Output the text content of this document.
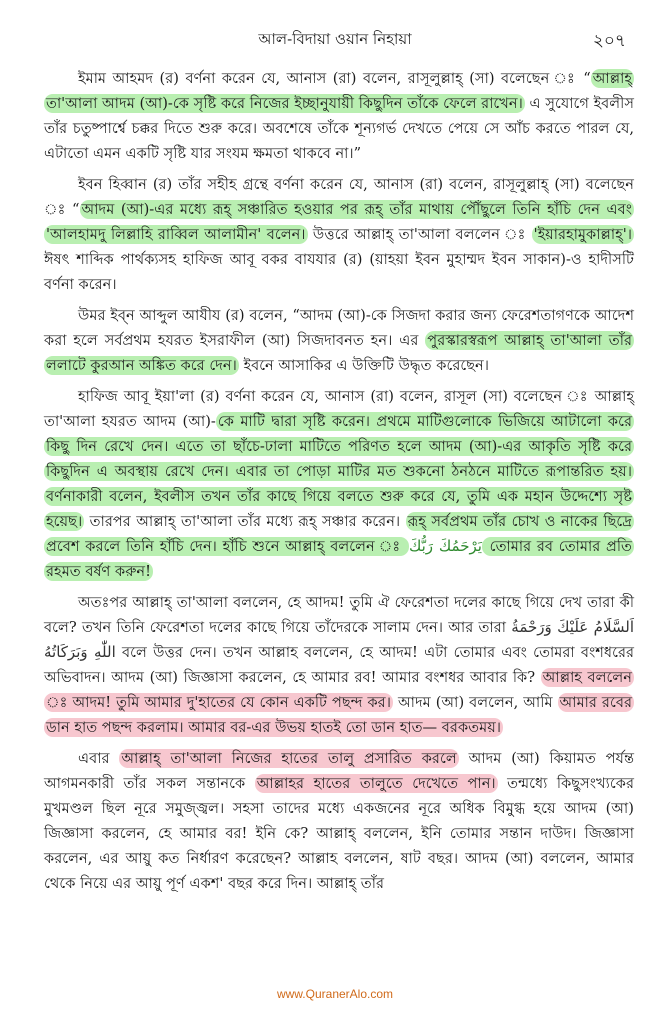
আল-বিদায়া ওয়ান নিহায়া	২০৭

ইমাম আহমদ (র) বর্ণনা করেন যে, আনাস (রা) বলেন, রাসূলুল্লাহ্ (সা) বলেছেন ঃ “ আল্লাহ্ তা'আলা আদম (আ)-কে সৃষ্টি করে নিজের ইচ্ছানুযায়ী কিছুদিন তাঁকে ফেলে রাখেন। এ সুযোগে ইবলীস তাঁর চতুষ্পার্শ্বে চক্কর দিতে শুরু করে। অবশেষে তাঁকে শূন্যগর্ভ দেখতে পেয়ে সে আঁচ করতে পারল যে, এটাতো এমন একটি সৃষ্টি যার সংযম ক্ষমতা থাকবে না।”

ইবন হিব্বান (র) তাঁর সহীহ গ্রন্থে বর্ণনা করেন যে, আনাস (রা) বলেন, রাসূলুল্লাহ্ (সা) বলেছেন ঃ “ আদম (আ)-এর মধ্যে রূহ্ সঞ্চারিত হওয়ার পর রূহ্ তাঁর মাথায় পৌঁছুলে তিনি হাঁচি দেন এবং 'আলহামদু লিল্লাহি রাব্বিল আলামীন' বলেন। উত্তরে আল্লাহ্ তা'আলা বললেন ঃ 'ইয়ারহামুকাল্লাহ্'। ঈষৎ শাব্দিক পার্থক্যসহ হাফিজ আবূ বকর বাযযার (র) (য়াহয়া ইবন মুহাম্মদ ইবন সাকান)-ও হাদীসটি বর্ণনা করেন।

উমর ইব্‌ন আব্দুল আযীয (র) বলেন, “আদম (আ)-কে সিজদা করার জন্য ফেরেশতাগণকে আদেশ করা হলে সর্বপ্রথম হযরত ইসরাফীল (আ) সিজদাবনত হন। এর পুরস্কারস্বরূপ আল্লাহ্ তা'আলা তাঁর ললাটে কুরআন অঙ্কিত করে দেন। ইবনে আসাকির এ উক্তিটি উদ্ধৃত করেছেন।

হাফিজ আবূ ইয়া'লা (র) বর্ণনা করেন যে, আনাস (রা) বলেন, রাসূল (সা) বলেছেন ঃ আল্লাহ্ তা'আলা হযরত আদম (আ)- কে মাটি দ্বারা সৃষ্টি করেন। প্রথমে মাটিগুলোকে ভিজিয়ে আটালো করে কিছু দিন রেখে দেন। এতে তা ছাঁচে-ঢালা মাটিতে পরিণত হলে আদম (আ)-এর আকৃতি সৃষ্টি করে কিছুদিন এ অবস্থায় রেখে দেন। এবার তা পোড়া মাটির মত শুকনো ঠনঠনে মাটিতে রূপান্তরিত হয়। বর্ণনাকারী বলেন, ইবলীস তখন তাঁর কাছে গিয়ে বলতে শুরু করে যে, তুমি এক মহান উদ্দেশ্যে সৃষ্ট হয়েছ। তারপর আল্লাহ্ তা'আলা তাঁর মধ্যে রূহ্ সঞ্চার করেন। রূহ্ সর্বপ্রথম তাঁর চোখ ও নাকের ছিদ্রে প্রবেশ করলে তিনি হাঁচি দেন। হাঁচি শুনে আল্লাহ্ বললেন ঃ يَرْحَمُكَ رَبُّكَ তোমার রব তোমার প্রতি রহমত বর্ষণ করুন!

অতঃপর আল্লাহ্ তা'আলা বললেন, হে আদম! তুমি ঐ ফেরেশতা দলের কাছে গিয়ে দেখ তারা কী বলে? তখন তিনি ফেরেশতা দলের কাছে গিয়ে তাঁদেরকে সালাম দেন। আর তারা اَلسَّلَامُ عَلَيْكَ وَرَحْمَةُ اللّٰهِ وَبَرَكَاتُهُ বলে উত্তর দেন। তখন আল্লাহ বললেন, হে আদম! এটা তোমার এবং তোমরা বংশধরের অভিবাদন। আদম (আ) জিজ্ঞাসা করলেন, হে আমার রব! আমার বংশধর আবার কি? আল্লাহ বললেন ঃ আদম! তুমি আমার দু'হাতের যে কোন একটি পছন্দ কর। আদম (আ) বললেন, আমি আমার রবের ডান হাত পছন্দ করলাম। আমার বর-এর উভয় হাতই তো ডান হাত— বরকতময়।

এবার আল্লাহ্ তা'আলা নিজের হাতের তালু প্রসারিত করলে আদম (আ) কিয়ামত পর্যন্ত আগমনকারী তাঁর সকল সন্তানকে আল্লাহর হাতের তালুতে দেখেতে পান। তন্মধ্যে কিছুসংখ্যকের মুখমণ্ডল ছিল নূরে সমুজ্জ্বল। সহসা তাদের মধ্যে একজনের নূরে অধিক বিমুগ্ধ হয়ে আদম (আ) জিজ্ঞাসা করলেন, হে আমার বর! ইনি কে? আল্লাহ্ বললেন, ইনি তোমার সন্তান দাউদ। জিজ্ঞাসা করলেন, এর আয়ু কত নির্ধারণ করেছেন? আল্লাহ বললেন, ষাট বছর। আদম (আ) বললেন, আমার থেকে নিয়ে এর আয়ু পূর্ণ একশ' বছর করে দিন। আল্লাহ্ তাঁর

www.QuranerAlo.com
